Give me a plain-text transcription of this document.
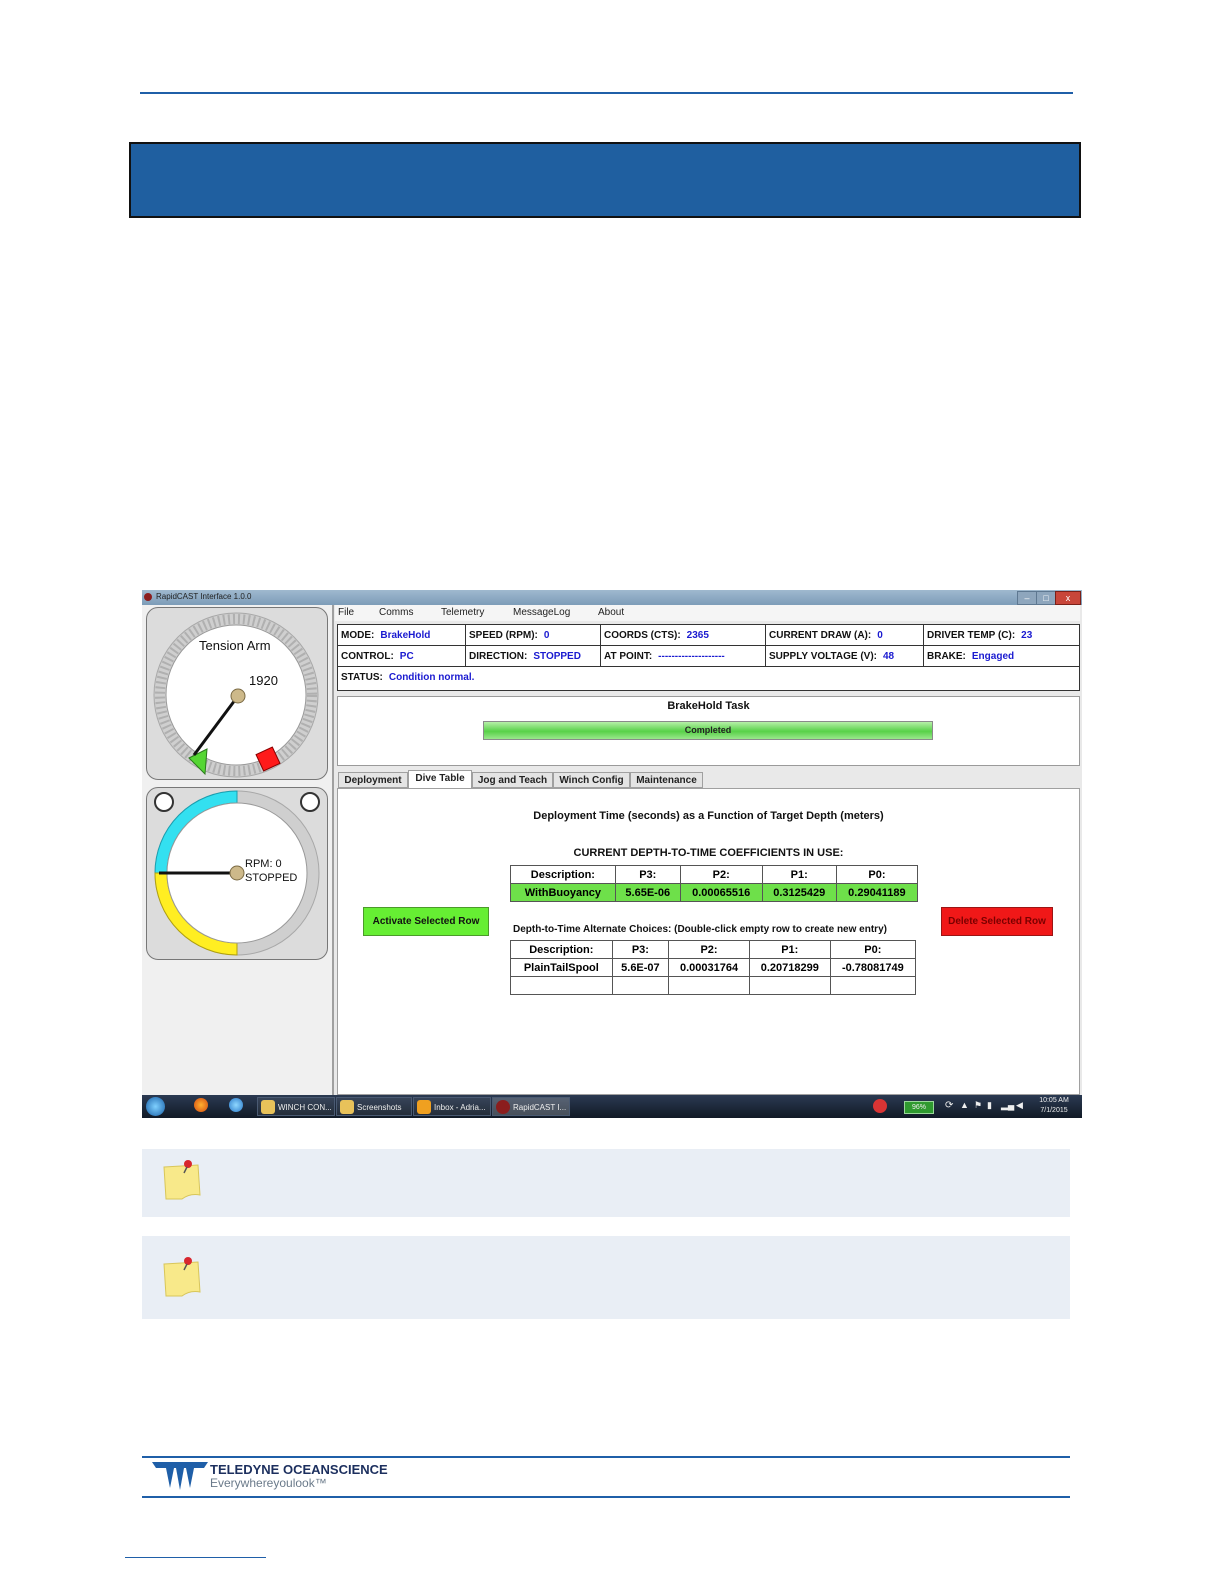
RapidCAST Interface 1.0.0	–	□	x
Tension Arm
1920
RPM: 0
STOPPED
File Comms	Telemetry	MessageLog	About
MODE: BrakeHold	SPEED (RPM): 0	COORDS (CTS): 2365	CURRENT DRAW (A): 0	DRIVER TEMP (C): 23
CONTROL: PC	DIRECTION: STOPPED	AT POINT: --------------------	SUPPLY VOLTAGE (V): 48	BRAKE: Engaged
STATUS: Condition normal.
BrakeHold Task
Completed
Deployment	Dive Table	Jog and Teach	Winch Config	Maintenance
Deployment Time (seconds) as a Function of Target Depth (meters)
CURRENT DEPTH-TO-TIME COEFFICIENTS IN USE:
Description:	P3:	P2:	P1:	P0:
WithBuoyancy	5.65E-06	0.00065516	0.3125429	0.29041189
Activate Selected Row	Delete Selected Row
Depth-to-Time Alternate Choices: (Double-click empty row to create new entry)
Description:	P3:	P2:	P1:	P0:
PlainTailSpool	5.6E-07	0.00031764	0.20718299	-0.78081749

WINCH CON...	Screenshots	Inbox - Adria...	RapidCAST I...	96%	⟳ ▲ ⚑ ▮ ▂▄ ◀	10:05 AM
7/1/2015
TELEDYNE OCEANSCIENCE
Everywhereyoulook™
